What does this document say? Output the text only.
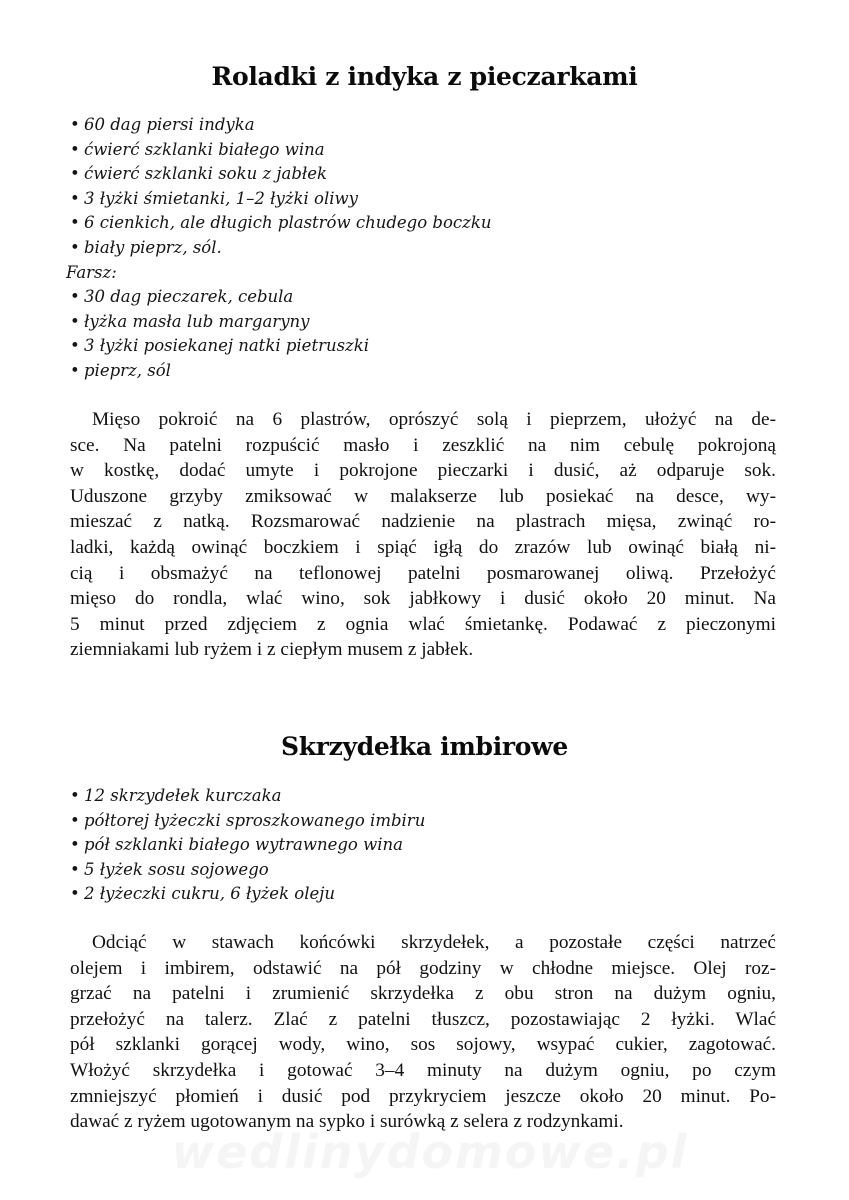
Roladki z indyka z pieczarkami
• 60 dag piersi indyka
• ćwierć szklanki białego wina
• ćwierć szklanki soku z jabłek
• 3 łyżki śmietanki, 1–2 łyżki oliwy
• 6 cienkich, ale długich plastrów chudego boczku
• biały pieprz, sól.
Farsz:
• 30 dag pieczarek, cebula
• łyżka masła lub margaryny
• 3 łyżki posiekanej natki pietruszki
• pieprz, sól
Mięso pokroić na 6 plastrów, oprószyć solą i pieprzem, ułożyć na de-
sce. Na patelni rozpuścić masło i zeszklić na nim cebulę pokrojoną
w kostkę, dodać umyte i pokrojone pieczarki i dusić, aż odparuje sok.
Uduszone grzyby zmiksować w malakserze lub posiekać na desce, wy-
mieszać z natką. Rozsmarować nadzienie na plastrach mięsa, zwinąć ro-
ladki, każdą owinąć boczkiem i spiąć igłą do zrazów lub owinąć białą ni-
cią i obsmażyć na teflonowej patelni posmarowanej oliwą. Przełożyć
mięso do rondla, wlać wino, sok jabłkowy i dusić około 20 minut. Na
5 minut przed zdjęciem z ognia wlać śmietankę. Podawać z pieczonymi
ziemniakami lub ryżem i z ciepłym musem z jabłek.
Skrzydełka imbirowe
• 12 skrzydełek kurczaka
• półtorej łyżeczki sproszkowanego imbiru
• pół szklanki białego wytrawnego wina
• 5 łyżek sosu sojowego
• 2 łyżeczki cukru, 6 łyżek oleju
Odciąć w stawach końcówki skrzydełek, a pozostałe części natrzeć
olejem i imbirem, odstawić na pół godziny w chłodne miejsce. Olej roz-
grzać na patelni i zrumienić skrzydełka z obu stron na dużym ogniu,
przełożyć na talerz. Zlać z patelni tłuszcz, pozostawiając 2 łyżki. Wlać
pół szklanki gorącej wody, wino, sos sojowy, wsypać cukier, zagotować.
Włożyć skrzydełka i gotować 3–4 minuty na dużym ogniu, po czym
zmniejszyć płomień i dusić pod przykryciem jeszcze około 20 minut. Po-
dawać z ryżem ugotowanym na sypko i surówką z selera z rodzynkami.
wedlinydomowe.pl
